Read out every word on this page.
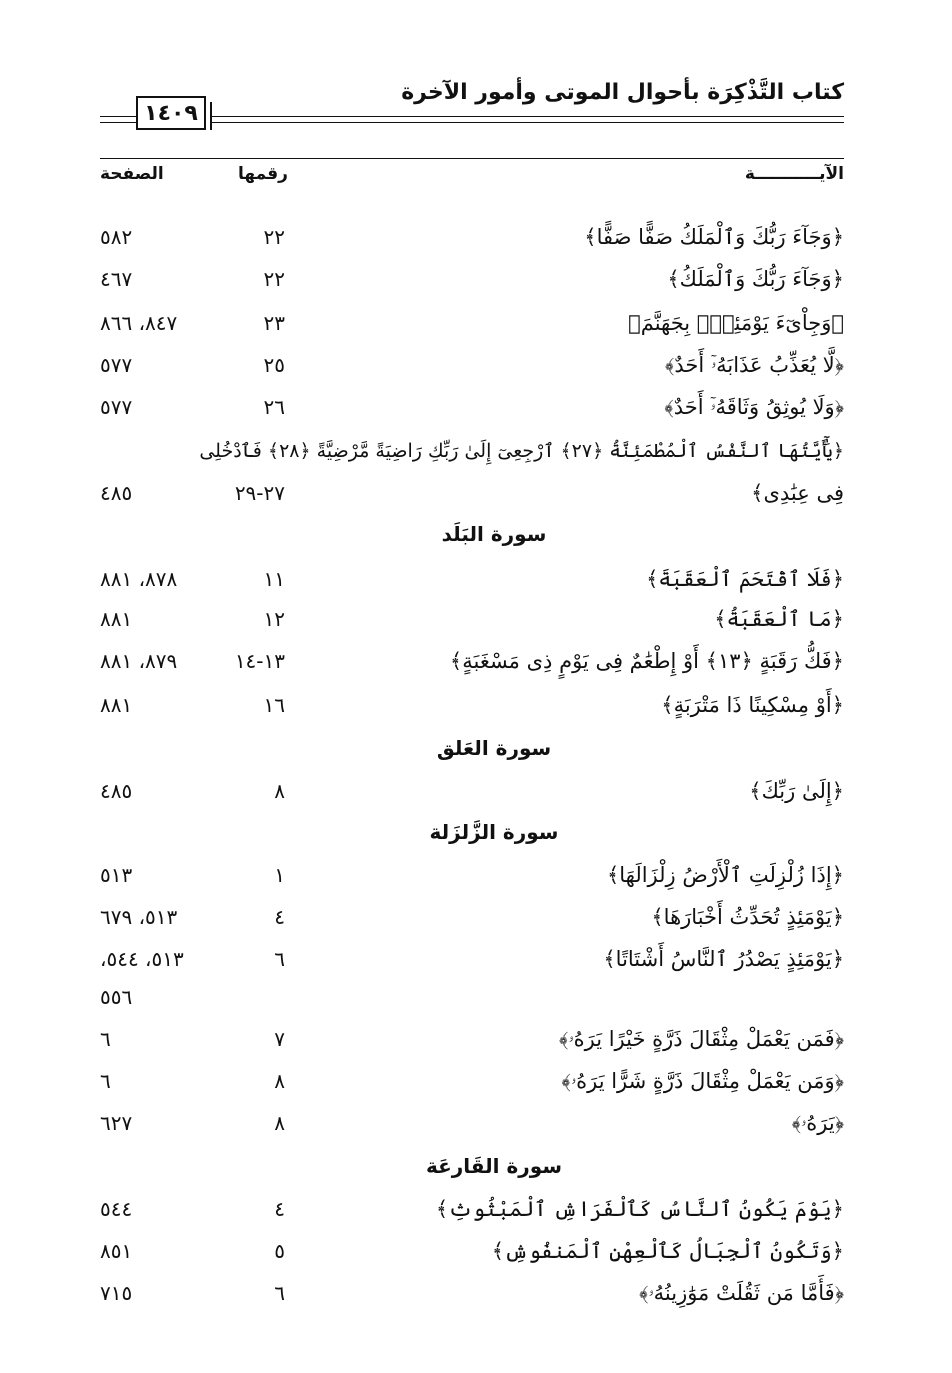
كتاب التَّذْكِرَة بأحوال الموتى وأمور الآخرة
١٤٠٩
الآيـــــــــــة
رقمها
الصفحة
﴿وَجَآءَ رَبُّكَ وَٱلْمَلَكُ صَفًّا صَفًّا﴾
٢٢
٥٨٢
﴿وَجَآءَ رَبُّكَ وَٱلْمَلَكُ﴾
٢٢
٤٦٧
﴿وَجِاْىٓءَ يَوْمَئِذٍۭ بِجَهَنَّمَ﴾
٢٣
٨٤٧، ٨٦٦
﴿لَّا يُعَذِّبُ عَذَابَهُۥٓ أَحَدٌ﴾
٢٥
٥٧٧
﴿وَلَا يُوثِقُ وَثَاقَهُۥٓ أَحَدٌ﴾
٢٦
٥٧٧
﴿يَٰٓأَيَّتُهَا ٱلنَّفْسُ ٱلْمُطْمَئِنَّةُ ﴿٢٧﴾ ٱرْجِعِىٓ إِلَىٰ رَبِّكِ رَاضِيَةً مَّرْضِيَّةً ﴿٢٨﴾ فَٱدْخُلِى
فِى عِبَٰدِى﴾
٢٧-٢٩
٤٨٥
سورة البَلَد
﴿فَلَا ٱقْتَحَمَ ٱلْعَقَبَةَ﴾
١١
٨٧٨، ٨٨١
﴿مَا ٱلْعَقَبَةُ﴾
١٢
٨٨١
﴿فَكُّ رَقَبَةٍ ﴿١٣﴾ أَوْ إِطْعَٰمٌ فِى يَوْمٍ ذِى مَسْغَبَةٍ﴾
١٣-١٤
٨٧٩، ٨٨١
﴿أَوْ مِسْكِينًا ذَا مَتْرَبَةٍ﴾
١٦
٨٨١
سورة العَلق
﴿إِلَىٰ رَبِّكَ﴾
٨
٤٨٥
سورة الزَّلزَلة
﴿إِذَا زُلْزِلَتِ ٱلْأَرْضُ زِلْزَالَهَا﴾
١
٥١٣
﴿يَوْمَئِذٍ تُحَدِّثُ أَخْبَارَهَا﴾
٤
٥١٣، ٦٧٩
﴿يَوْمَئِذٍ يَصْدُرُ ٱلنَّاسُ أَشْتَاتًا﴾
٦
٥١٣، ٥٤٤،
٥٥٦
﴿فَمَن يَعْمَلْ مِثْقَالَ ذَرَّةٍ خَيْرًا يَرَهُۥ﴾
٧
٦
﴿وَمَن يَعْمَلْ مِثْقَالَ ذَرَّةٍ شَرًّا يَرَهُۥ﴾
٨
٦
﴿يَرَهُۥ﴾
٨
٦٢٧
سورة القَارعَة
﴿يَوْمَ يَكُونُ ٱلنَّاسُ كَٱلْفَرَاشِ ٱلْمَبْثُوثِ﴾
٤
٥٤٤
﴿وَتَكُونُ ٱلْجِبَالُ كَٱلْعِهْنِ ٱلْمَنفُوشِ﴾
٥
٨٥١
﴿فَأَمَّا مَن ثَقُلَتْ مَوَٰزِينُهُۥ﴾
٦
٧١٥
